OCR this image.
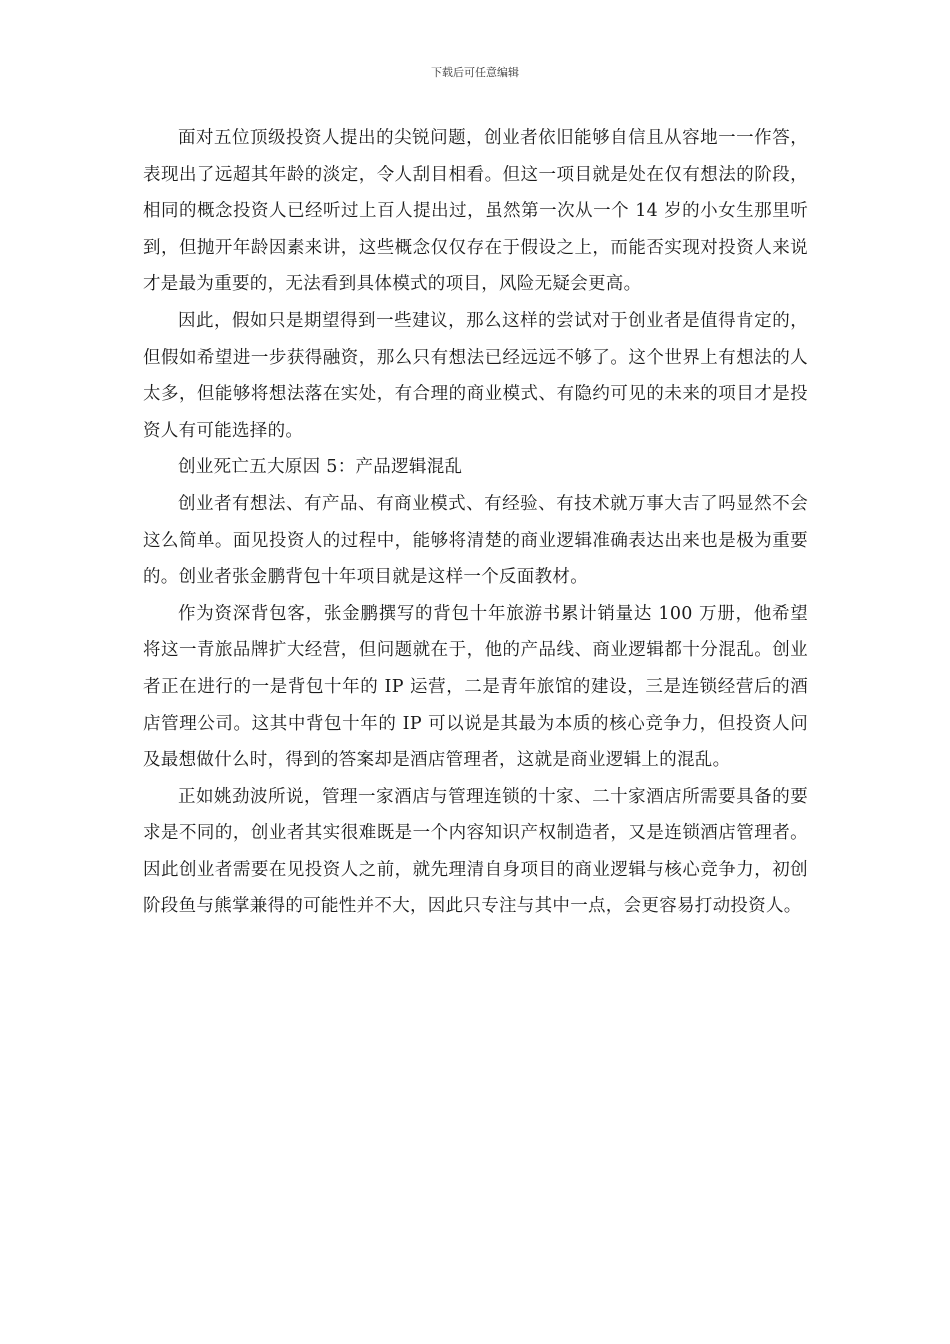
下载后可任意编辑

面对五位顶级投资人提出的尖锐问题，创业者依旧能够自信且从容地一一作答，表现出了远超其年龄的淡定，令人刮目相看。但这一项目就是处在仅有想法的阶段，相同的概念投资人已经听过上百人提出过，虽然第一次从一个 14 岁的小女生那里听到，但抛开年龄因素来讲，这些概念仅仅存在于假设之上，而能否实现对投资人来说才是最为重要的，无法看到具体模式的项目，风险无疑会更高。

因此，假如只是期望得到一些建议，那么这样的尝试对于创业者是值得肯定的，但假如希望进一步获得融资，那么只有想法已经远远不够了。这个世界上有想法的人太多，但能够将想法落在实处，有合理的商业模式、有隐约可见的未来的项目才是投资人有可能选择的。

创业死亡五大原因 5：产品逻辑混乱

创业者有想法、有产品、有商业模式、有经验、有技术就万事大吉了吗显然不会这么简单。面见投资人的过程中，能够将清楚的商业逻辑准确表达出来也是极为重要的。创业者张金鹏背包十年项目就是这样一个反面教材。

作为资深背包客，张金鹏撰写的背包十年旅游书累计销量达 100 万册，他希望将这一青旅品牌扩大经营，但问题就在于，他的产品线、商业逻辑都十分混乱。创业者正在进行的一是背包十年的 IP 运营，二是青年旅馆的建设，三是连锁经营后的酒店管理公司。这其中背包十年的 IP 可以说是其最为本质的核心竞争力，但投资人问及最想做什么时，得到的答案却是酒店管理者，这就是商业逻辑上的混乱。

正如姚劲波所说，管理一家酒店与管理连锁的十家、二十家酒店所需要具备的要求是不同的，创业者其实很难既是一个内容知识产权制造者，又是连锁酒店管理者。因此创业者需要在见投资人之前，就先理清自身项目的商业逻辑与核心竞争力，初创阶段鱼与熊掌兼得的可能性并不大，因此只专注与其中一点，会更容易打动投资人。
